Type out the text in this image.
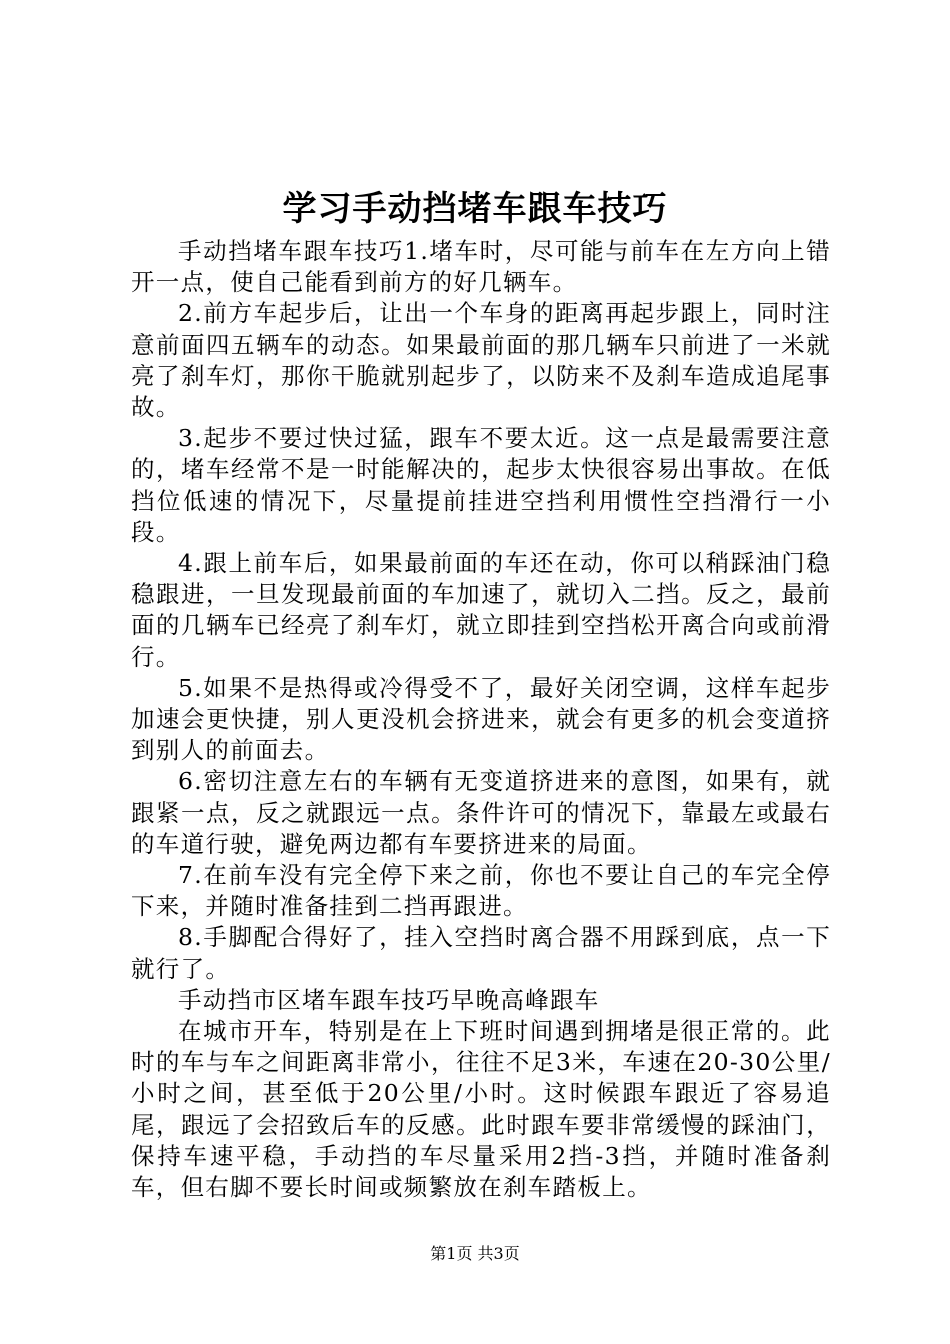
学习手动挡堵车跟车技巧

手动挡堵车跟车技巧1.堵车时，尽可能与前车在左方向上错开一点，使自己能看到前方的好几辆车。

2.前方车起步后，让出一个车身的距离再起步跟上，同时注意前面四五辆车的动态。如果最前面的那几辆车只前进了一米就亮了刹车灯，那你干脆就别起步了，以防来不及刹车造成追尾事故。

3.起步不要过快过猛，跟车不要太近。这一点是最需要注意的，堵车经常不是一时能解决的，起步太快很容易出事故。在低挡位低速的情况下，尽量提前挂进空挡利用惯性空挡滑行一小段。

4.跟上前车后，如果最前面的车还在动，你可以稍踩油门稳稳跟进，一旦发现最前面的车加速了，就切入二挡。反之，最前面的几辆车已经亮了刹车灯，就立即挂到空挡松开离合向或前滑行。

5.如果不是热得或冷得受不了，最好关闭空调，这样车起步加速会更快捷，别人更没机会挤进来，就会有更多的机会变道挤到别人的前面去。

6.密切注意左右的车辆有无变道挤进来的意图，如果有，就跟紧一点，反之就跟远一点。条件许可的情况下，靠最左或最右的车道行驶，避免两边都有车要挤进来的局面。

7.在前车没有完全停下来之前，你也不要让自己的车完全停下来，并随时准备挂到二挡再跟进。

8.手脚配合得好了，挂入空挡时离合器不用踩到底，点一下就行了。

手动挡市区堵车跟车技巧早晚高峰跟车

在城市开车，特别是在上下班时间遇到拥堵是很正常的。此时的车与车之间距离非常小，往往不足3米，车速在20-30公里/小时之间，甚至低于20公里/小时。这时候跟车跟近了容易追尾，跟远了会招致后车的反感。此时跟车要非常缓慢的踩油门，保持车速平稳，手动挡的车尽量采用2挡-3挡，并随时准备刹车，但右脚不要长时间或频繁放在刹车踏板上。

第1页 共3页
